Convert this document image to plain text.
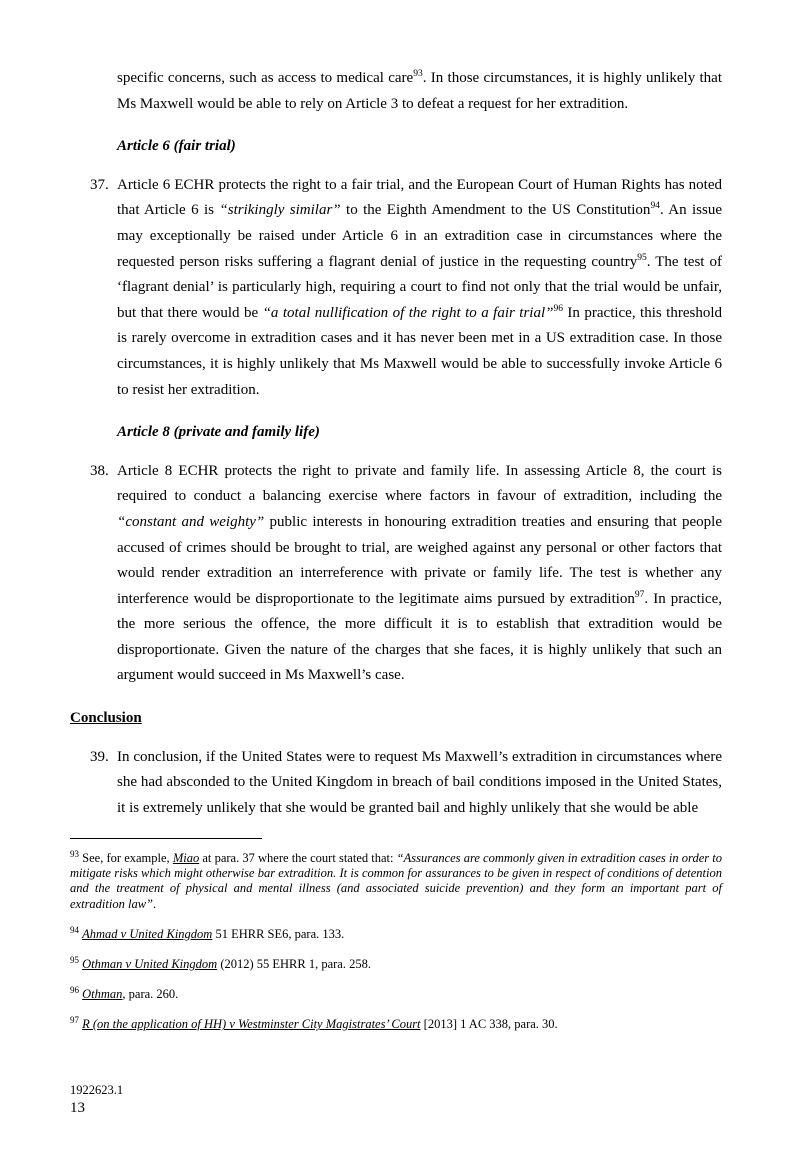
specific concerns, such as access to medical care$^{93}$. In those circumstances, it is highly unlikely that Ms Maxwell would be able to rely on Article 3 to defeat a request for her extradition.

Article 6 (fair trial)

37. Article 6 ECHR protects the right to a fair trial, and the European Court of Human Rights has noted that Article 6 is “strikingly similar” to the Eighth Amendment to the US Constitution$^{94}$. An issue may exceptionally be raised under Article 6 in an extradition case in circumstances where the requested person risks suffering a flagrant denial of justice in the requesting country$^{95}$. The test of ‘flagrant denial’ is particularly high, requiring a court to find not only that the trial would be unfair, but that there would be “a total nullification of the right to a fair trial”$^{96}$ In practice, this threshold is rarely overcome in extradition cases and it has never been met in a US extradition case. In those circumstances, it is highly unlikely that Ms Maxwell would be able to successfully invoke Article 6 to resist her extradition.

Article 8 (private and family life)

38. Article 8 ECHR protects the right to private and family life. In assessing Article 8, the court is required to conduct a balancing exercise where factors in favour of extradition, including the “constant and weighty” public interests in honouring extradition treaties and ensuring that people accused of crimes should be brought to trial, are weighed against any personal or other factors that would render extradition an interreference with private or family life. The test is whether any interference would be disproportionate to the legitimate aims pursued by extradition$^{97}$. In practice, the more serious the offence, the more difficult it is to establish that extradition would be disproportionate. Given the nature of the charges that she faces, it is highly unlikely that such an argument would succeed in Ms Maxwell’s case.

Conclusion

39. In conclusion, if the United States were to request Ms Maxwell’s extradition in circumstances where she had absconded to the United Kingdom in breach of bail conditions imposed in the United States, it is extremely unlikely that she would be granted bail and highly unlikely that she would be able

$^{93}$ See, for example, Miao at para. 37 where the court stated that: “Assurances are commonly given in extradition cases in order to mitigate risks which might otherwise bar extradition. It is common for assurances to be given in respect of conditions of detention and the treatment of physical and mental illness (and associated suicide prevention) and they form an important part of extradition law”.

$^{94}$ Ahmad v United Kingdom 51 EHRR SE6, para. 133.

$^{95}$ Othman v United Kingdom (2012) 55 EHRR 1, para. 258.

$^{96}$ Othman, para. 260.

$^{97}$ R (on the application of HH) v Westminster City Magistrates’ Court [2013] 1 AC 338, para. 30.

1922623.1
13
